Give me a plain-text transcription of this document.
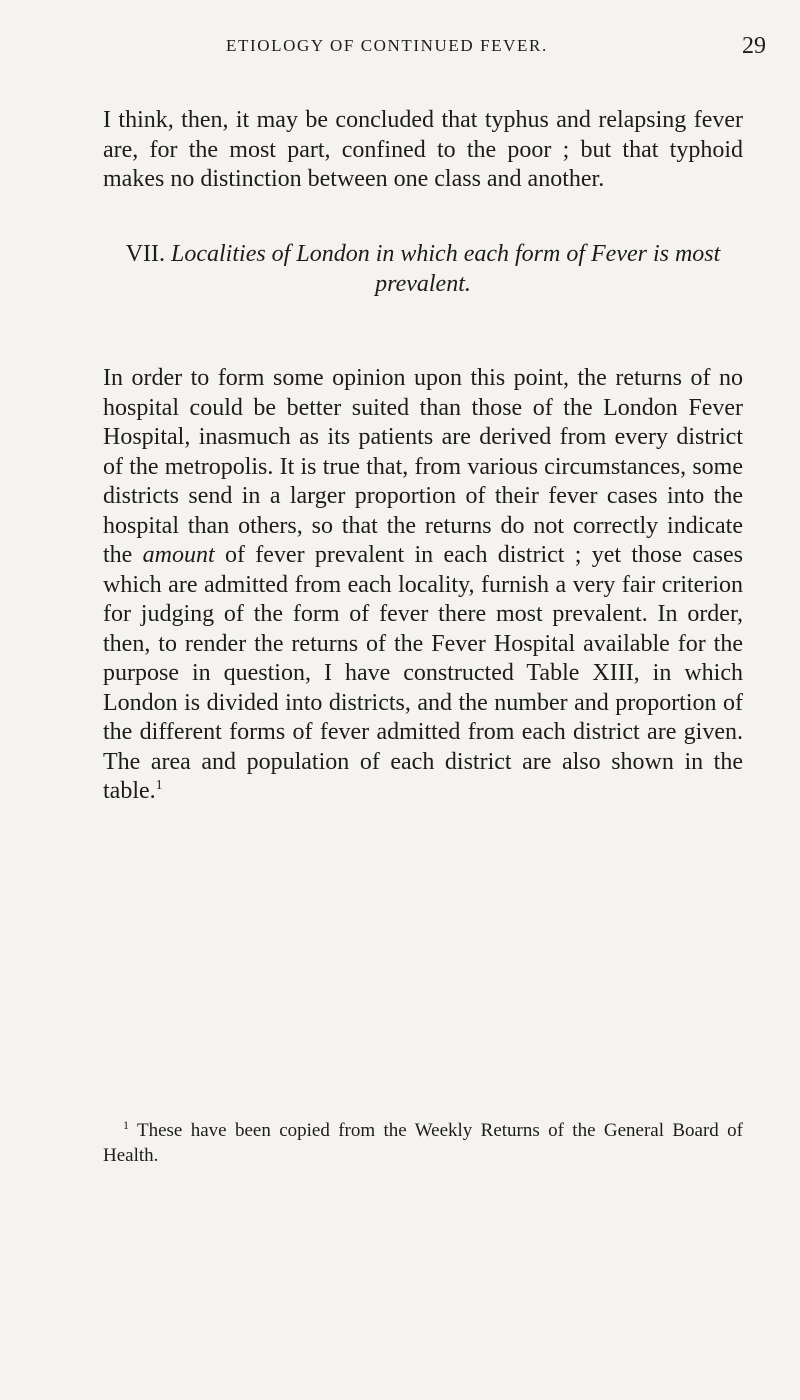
ETIOLOGY OF CONTINUED FEVER.	29

I think, then, it may be concluded that typhus and relapsing fever are, for the most part, confined to the poor ; but that typhoid makes no distinction between one class and another.

VII. Localities of London in which each form of Fever is most prevalent.

In order to form some opinion upon this point, the returns of no hospital could be better suited than those of the London Fever Hospital, inasmuch as its patients are derived from every district of the metropolis. It is true that, from various circumstances, some districts send in a larger proportion of their fever cases into the hospital than others, so that the returns do not correctly indicate the amount of fever prevalent in each district ; yet those cases which are admitted from each locality, furnish a very fair criterion for judging of the form of fever there most prevalent. In order, then, to render the returns of the Fever Hospital available for the purpose in question, I have constructed Table XIII, in which London is divided into districts, and the number and proportion of the different forms of fever admitted from each district are given. The area and population of each district are also shown in the table.$^1$

$^1$ These have been copied from the Weekly Returns of the General Board of Health.
